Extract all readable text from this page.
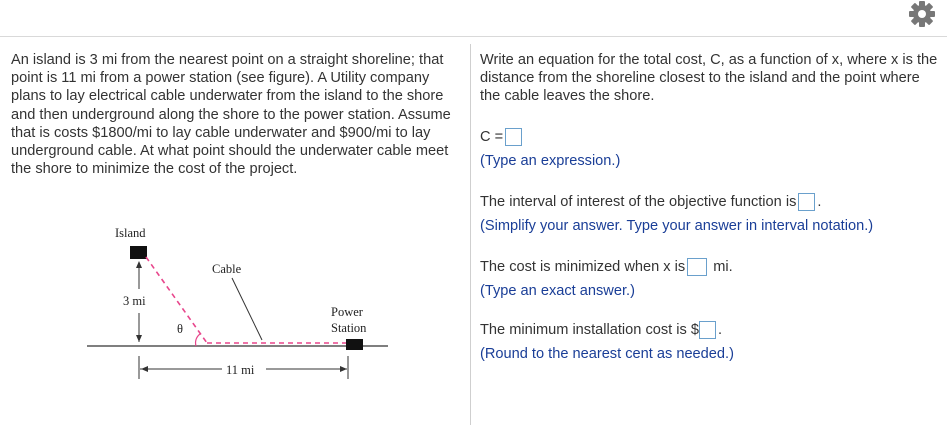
An island is 3 mi from the nearest point on a straight shoreline; that point is 11 mi from a power station (see figure). A Utility company plans to lay electrical cable underwater from the island to the shore and then underground along the shore to the power station. Assume that is costs $1800/mi to lay cable underwater and $900/mi to lay underground cable. At what point should the underwater cable meet the shore to minimize the cost of the project.
Island
3 mi
θ
Cable
Power
Station
11 mi
Write an equation for the total cost, C, as a function of x, where x is the distance from the shoreline closest to the island and the point where the cable leaves the shore.
C =
(Type an expression.)
The interval of interest of the objective function is .
(Simplify your answer. Type your answer in interval notation.)
The cost is minimized when x is mi.
(Type an exact answer.)
The minimum installation cost is $ .
(Round to the nearest cent as needed.)
